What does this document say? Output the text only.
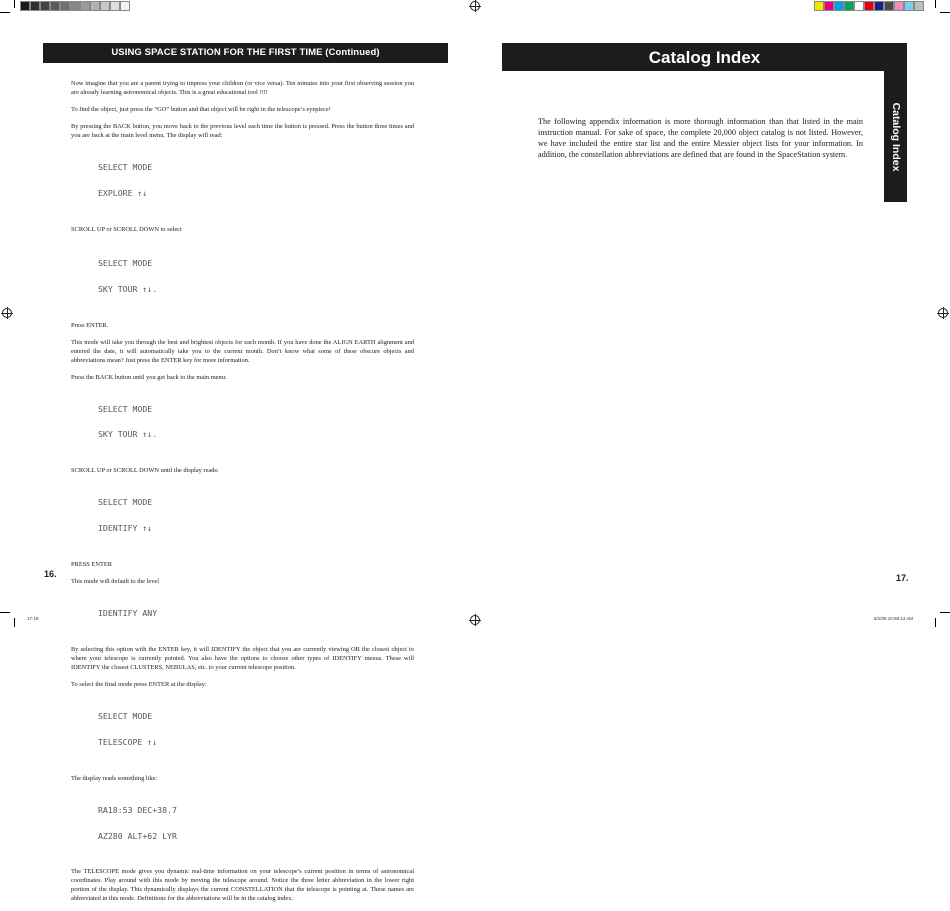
17-18	8/1/05 10:58:14 AM
USING SPACE STATION FOR THE FIRST TIME (Continued)

Now imagine that you are a parent trying to impress your children (or vice versa). Ten minutes into your first observing session you are already learning astronomical objects. This is a great educational tool !!!!

To find the object, just press the “GO” button and that object will be right in the telescope’s eyepiece!

By pressing the BACK button, you move back to the previous level each time the button is pressed. Press the button three times and you are back at the main level menu. The display will read:

SELECT MODE

EXPLORE ↑↓

SCROLL UP or SCROLL DOWN to select

SELECT MODE

SKY TOUR ↑↓.

Press ENTER.

This mode will take you through the best and brightest objects for each month. If you have done the ALIGN EARTH alignment and entered the date, it will automatically take you to the current month. Don’t know what some of these obscure objects and abbreviations mean? Just press the ENTER key for more information.

Press the BACK button until you get back to the main menu:

SELECT MODE

SKY TOUR ↑↓.

SCROLL UP or SCROLL DOWN until the display reads:

SELECT MODE

IDENTIFY ↑↓

PRESS ENTER

This mode will default to the level

IDENTIFY ANY

By selecting this option with the ENTER key, it will IDENTIFY the object that you are currently viewing OR the closest object to where your telescope is currently pointed. You also have the options to choose other types of IDENTIFY menus. These will IDENTIFY the closest CLUSTERS, NEBULAS, etc. to your current telescope position.

To select the final mode press ENTER at the display:

SELECT MODE

TELESCOPE ↑↓

The display reads something like:

RA18:53 DEC+38.7

AZ280 ALT+62 LYR

The TELESCOPE mode gives you dynamic real-time information on your telescope’s current position in terms of astronomical coordinates. Play around with this mode by moving the telescope around. Notice the three letter abbreviation in the lower right portion of the display. This dynamically displays the current CONSTELLATION that the telescope is pointing at. These names are abbreviated in this mode. Definitions for the abbreviations will be in the catalog index.

16.
Catalog Index
Catalog Index

The following appendix information is more thorough information than that listed in the main instruction manual. For sake of space, the complete 20,000 object catalog is not listed. However, we have included the entire star list and the entire Messier object lists for your information. In addition, the constellation abbreviations are defined that are found in the SpaceStation system.

17.
